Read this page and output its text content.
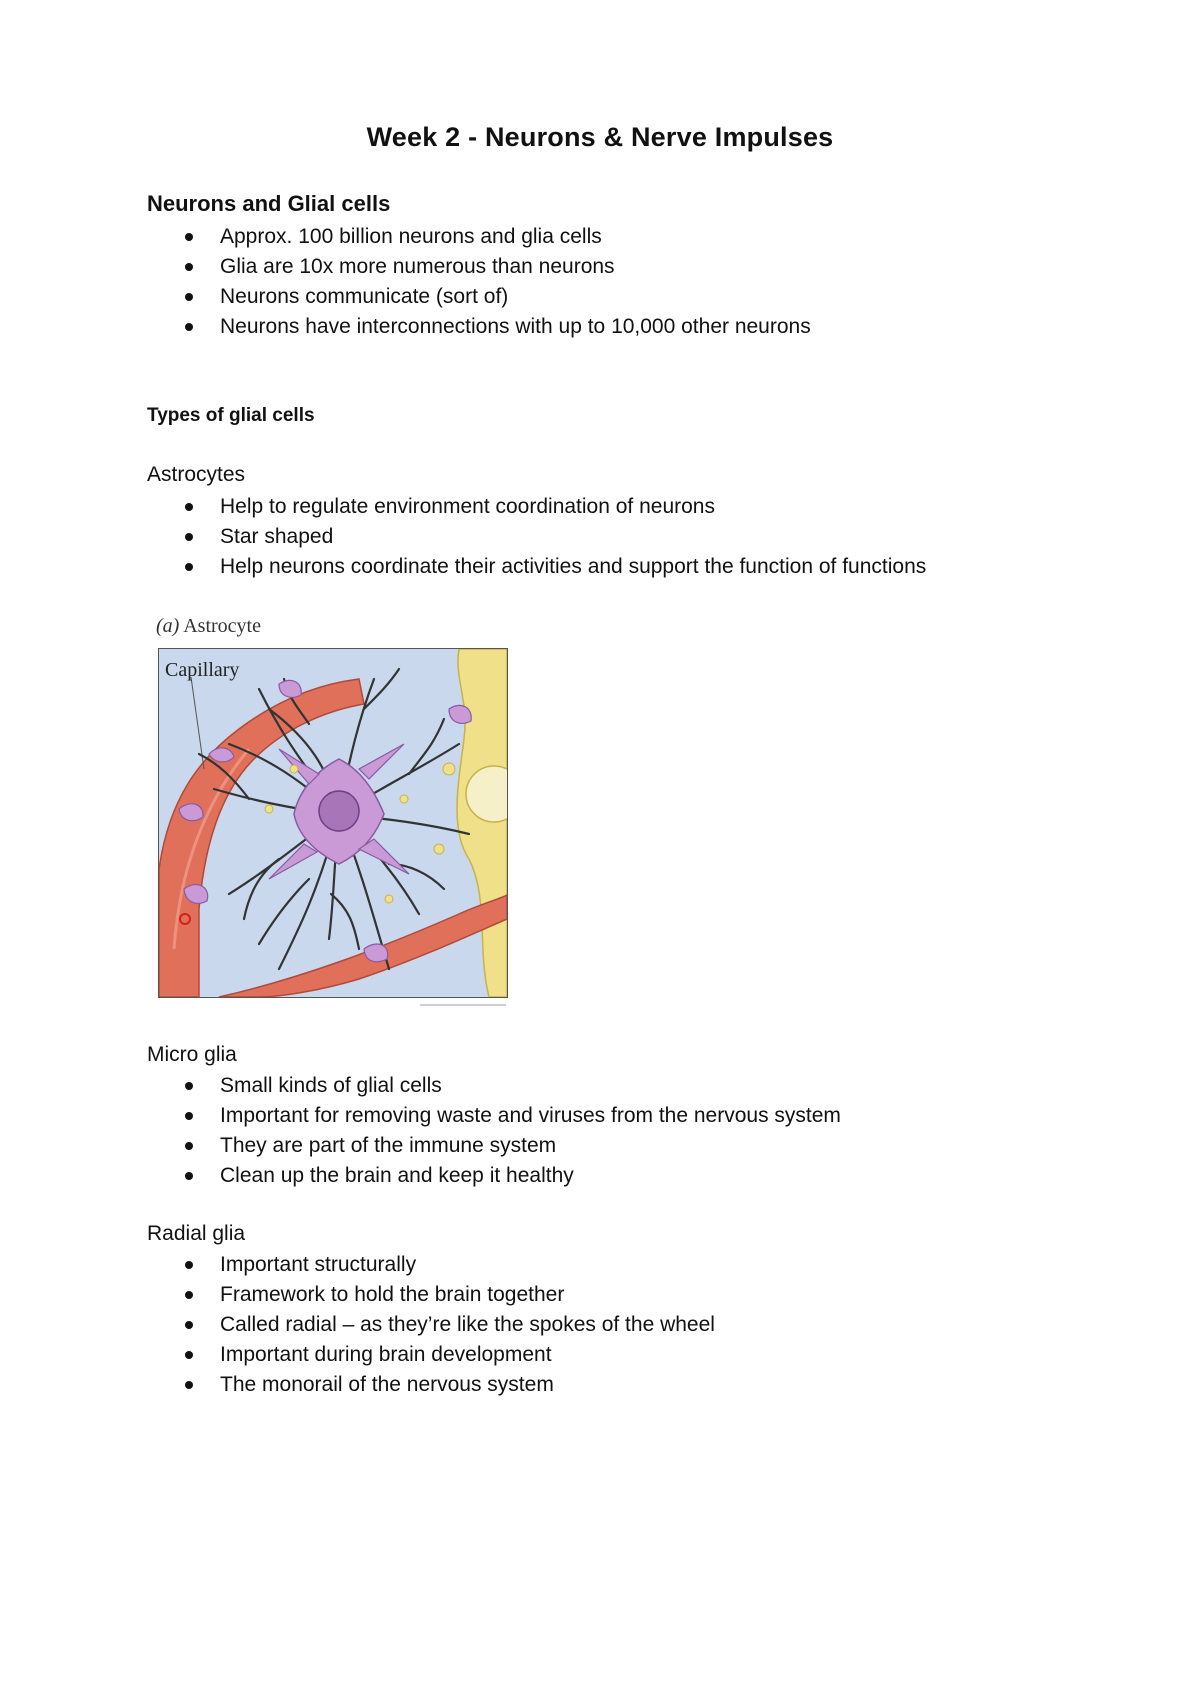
Week 2 - Neurons & Nerve Impulses
Neurons and Glial cells
Approx. 100 billion neurons and glia cells
Glia are 10x more numerous than neurons
Neurons communicate (sort of)
Neurons have interconnections with up to 10,000 other neurons
Types of glial cells
Astrocytes
Help to regulate environment coordination of neurons
Star shaped
Help neurons coordinate their activities and support the function of functions
(a) Astrocyte
Capillary
Micro glia
Small kinds of glial cells
Important for removing waste and viruses from the nervous system
They are part of the immune system
Clean up the brain and keep it healthy
Radial glia
Important structurally
Framework to hold the brain together
Called radial – as they’re like the spokes of the wheel
Important during brain development
The monorail of the nervous system
